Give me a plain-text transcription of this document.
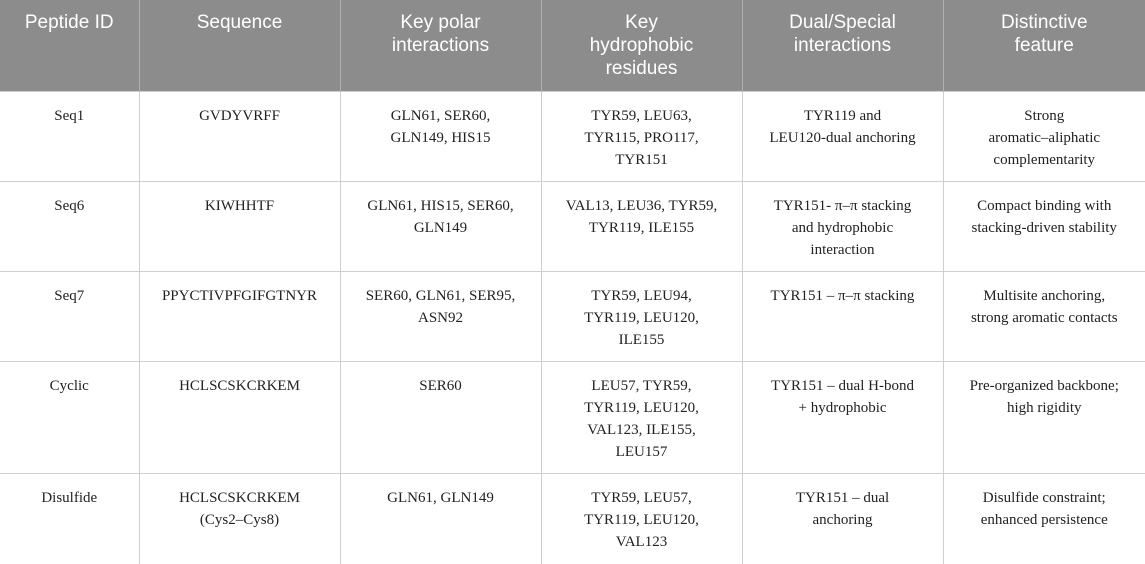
Peptide ID	Sequence	Key polar
interactions	Key
hydrophobic
residues	Dual/Special
interactions	Distinctive
feature
Seq1	GVDYVRFF	GLN61, SER60,
GLN149, HIS15	TYR59, LEU63,
TYR115, PRO117,
TYR151	TYR119 and
LEU120-dual anchoring	Strong
aromatic–aliphatic
complementarity
Seq6	KIWHHTF	GLN61, HIS15, SER60,
GLN149	VAL13, LEU36, TYR59,
TYR119, ILE155	TYR151- π–π stacking
and hydrophobic
interaction	Compact binding with
stacking-driven stability
Seq7	PPYCTIVPFGIFGTNYR	SER60, GLN61, SER95,
ASN92	TYR59, LEU94,
TYR119, LEU120,
ILE155	TYR151 – π–π stacking	Multisite anchoring,
strong aromatic contacts
Cyclic	HCLSCSKCRKEM	SER60	LEU57, TYR59,
TYR119, LEU120,
VAL123, ILE155,
LEU157	TYR151 – dual H-bond
+ hydrophobic	Pre-organized backbone;
high rigidity
Disulfide	HCLSCSKCRKEM
(Cys2–Cys8)	GLN61, GLN149	TYR59, LEU57,
TYR119, LEU120,
VAL123	TYR151 – dual
anchoring	Disulfide constraint;
enhanced persistence
